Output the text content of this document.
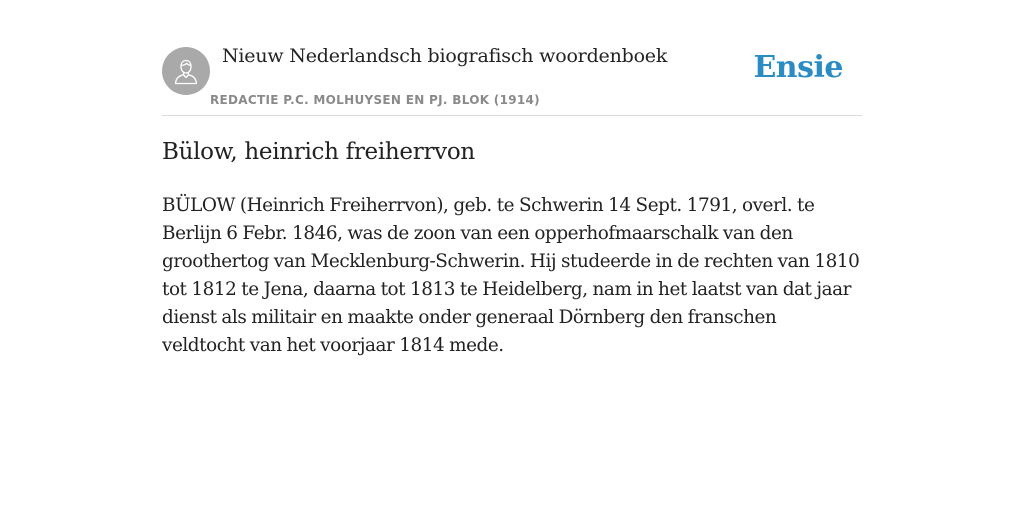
Nieuw Nederlandsch biografisch woordenboek
REDACTIE P.C. MOLHUYSEN EN PJ. BLOK (1914)
Ensie
Bülow, heinrich freiherrvon

BÜLOW (Heinrich Freiherrvon), geb. te Schwerin 14 Sept. 1791, overl. te Berlijn 6 Febr. 1846, was de zoon van een opperhofmaarschalk van den groothertog van Mecklenburg-Schwerin. Hij studeerde in de rechten van 1810 tot 1812 te Jena, daarna tot 1813 te Heidelberg, nam in het laatst van dat jaar dienst als militair en maakte onder generaal Dörnberg den franschen veldtocht van het voorjaar 1814 mede.
